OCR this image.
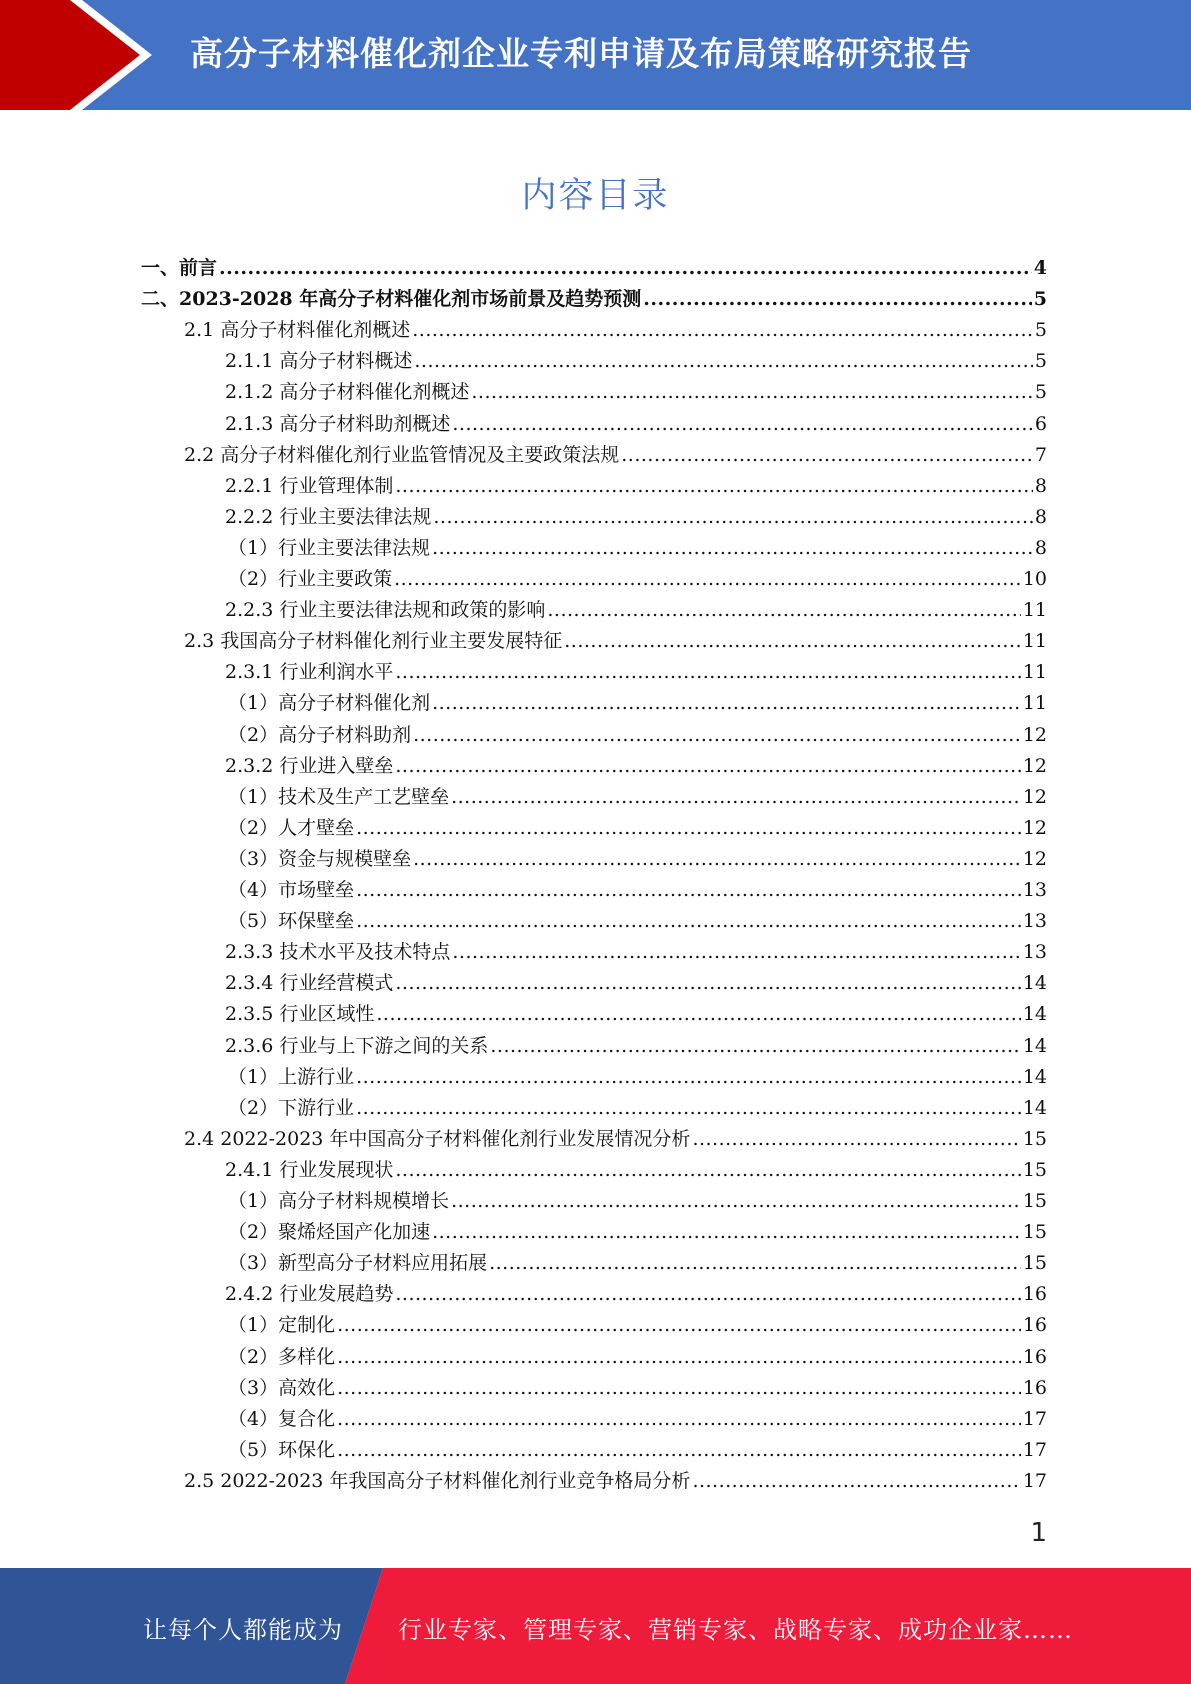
高分子材料催化剂企业专利申请及布局策略研究报告
内容目录
一、前言 .....	4
二、2023-2028 年高分子材料催化剂市场前景及趋势预测 .....	5
2.1 高分子材料催化剂概述 .....	5
2.1.1 高分子材料概述 .....	5
2.1.2 高分子材料催化剂概述 .....	5
2.1.3 高分子材料助剂概述 .....	6
2.2 高分子材料催化剂行业监管情况及主要政策法规 .....	7
2.2.1 行业管理体制 .....	8
2.2.2 行业主要法律法规 .....	8
（1）行业主要法律法规 .....	8
（2）行业主要政策 .....	10
2.2.3 行业主要法律法规和政策的影响 .....	11
2.3 我国高分子材料催化剂行业主要发展特征 .....	11
2.3.1 行业利润水平 .....	11
（1）高分子材料催化剂 .....	11
（2）高分子材料助剂 .....	12
2.3.2 行业进入壁垒 .....	12
（1）技术及生产工艺壁垒 .....	12
（2）人才壁垒 .....	12
（3）资金与规模壁垒 .....	12
（4）市场壁垒 .....	13
（5）环保壁垒 .....	13
2.3.3 技术水平及技术特点 .....	13
2.3.4 行业经营模式 .....	14
2.3.5 行业区域性 .....	14
2.3.6 行业与上下游之间的关系 .....	14
（1）上游行业 .....	14
（2）下游行业 .....	14
2.4 2022-2023 年中国高分子材料催化剂行业发展情况分析 .....	15
2.4.1 行业发展现状 .....	15
（1）高分子材料规模增长 .....	15
（2）聚烯烃国产化加速 .....	15
（3）新型高分子材料应用拓展 .....	15
2.4.2 行业发展趋势 .....	16
（1）定制化 .....	16
（2）多样化 .....	16
（3）高效化 .....	16
（4）复合化 .....	17
（5）环保化 .....	17
2.5 2022-2023 年我国高分子材料催化剂行业竞争格局分析 .....	17
1
让每个人都能成为 行业专家、管理专家、营销专家、战略专家、成功企业家……
